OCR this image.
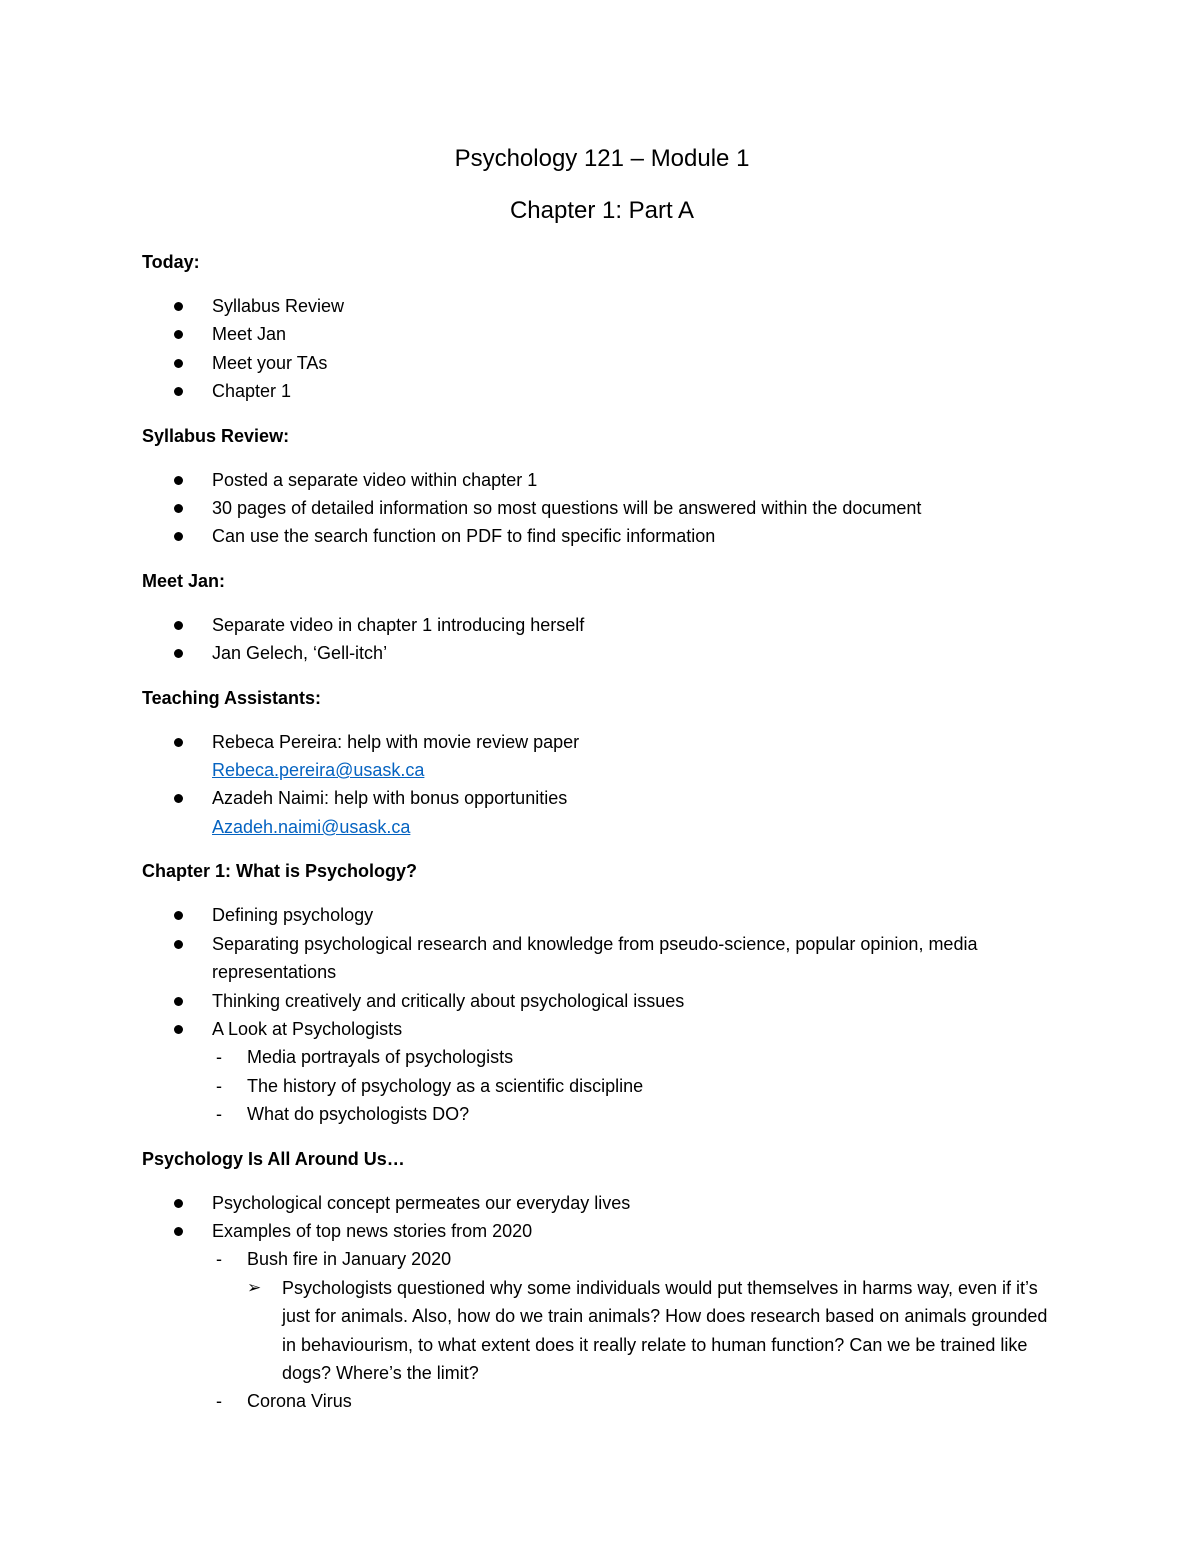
Psychology 121 – Module 1
Chapter 1: Part A
Today:
Syllabus Review
Meet Jan
Meet your TAs
Chapter 1
Syllabus Review:
Posted a separate video within chapter 1
30 pages of detailed information so most questions will be answered within the document
Can use the search function on PDF to find specific information
Meet Jan:
Separate video in chapter 1 introducing herself
Jan Gelech, ‘Gell-itch’
Teaching Assistants:
Rebeca Pereira: help with movie review paper
Rebeca.pereira@usask.ca
Azadeh Naimi: help with bonus opportunities
Azadeh.naimi@usask.ca
Chapter 1: What is Psychology?
Defining psychology
Separating psychological research and knowledge from pseudo-science, popular opinion, media representations
Thinking creatively and critically about psychological issues
A Look at Psychologists
- Media portrayals of psychologists
- The history of psychology as a scientific discipline
- What do psychologists DO?
Psychology Is All Around Us…
Psychological concept permeates our everyday lives
Examples of top news stories from 2020
- Bush fire in January 2020
➢ Psychologists questioned why some individuals would put themselves in harms way, even if it’s just for animals. Also, how do we train animals? How does research based on animals grounded in behaviourism, to what extent does it really relate to human function? Can we be trained like dogs? Where’s the limit?
- Corona Virus
